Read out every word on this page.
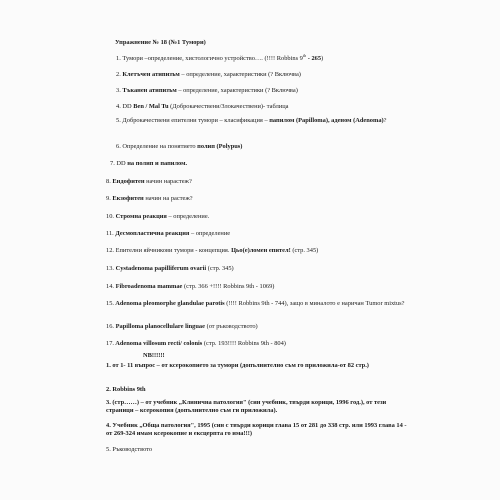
Упражнение № 18 (№1 Тумори)
1. Тумори –определение, хистологично устройство…. (!!!! Robbins 9th - 265)
2. Клетъчен атипизъм – определение, характеристики (? Включва)
3. Тъканен атипизъм – определение, характеристики (? Включва)
4. DD Ben / Mal Tu (Доброкачествени/Злокачествени)- таблица
5. Доброкачествени епителни тумори – класификация – папилом (Papilloma), аденом (Adenoma)?
6. Определение на понятието полип (Polypus)
7. DD на полип и папилом.
8. Ендофитен начин нарастеж?
9. Екзофитен начин на растеж?
10. Стромна реакция – определение.
11. Десмопластична реакция – определение
12. Епителни яйчникови тумори - концепция. Цьо(е)ломен епител! (стр. 345)
13. Cystadenoma papilliferum ovarii (стр. 345)
14. Fibroadenoma mammae (стр. 366 +!!!! Robbins 9th - 1069)
15. Adenoma pleomorphe glandulae parotis (!!!! Robbins 9th - 744), защо в миналото е наричан Tumor mixtus?
16. Papilloma planocellulare linguae (от ръководството)
17. Adenoma villosum recti/ colonis (стр. 193!!!! Robbins 9th - 804)
NB!!!!!!
1. от 1- 11 въпрос – от ксерокопието за тумори (допълнително съм го приложила-от 82 стр.)
2. Robbins 9th
3. (стр……) – от учебник „Клинична патология" (син учебник, твърди корици, 1996 год.), от тези страници – ксерокопия (допълнително съм ги приложила).
4. Учебник „Обща патология", 1995 (син с твърди корици глава 15 от 281 до 338 стр. или 1993 глава 14 - от 269-324 имам ксерокопие и ексцерпта го има!!!)
5. Ръководството
